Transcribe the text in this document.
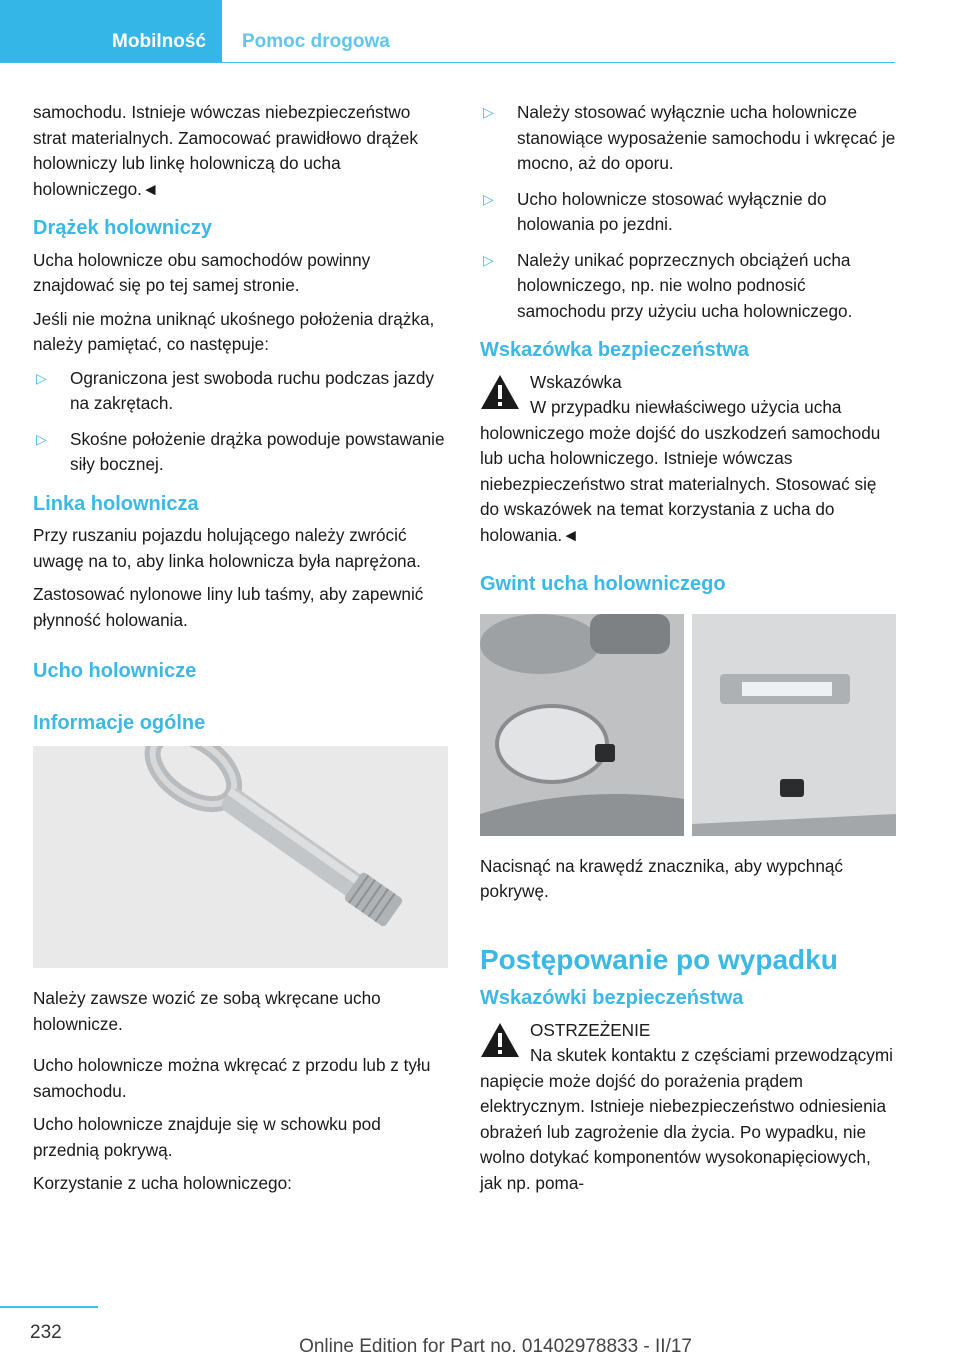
Mobilność Pomoc drogowa

samochodu. Istnieje wówczas niebezpieczeństwo strat materialnych. Zamocować prawidłowo drążek holowniczy lub linkę holowniczą do ucha holowniczego.◄

Drążek holowniczy

Ucha holownicze obu samochodów powinny znajdować się po tej samej stronie.

Jeśli nie można uniknąć ukośnego położenia drążka, należy pamiętać, co następuje:

▷ Ograniczona jest swoboda ruchu podczas jazdy na zakrętach.
▷ Skośne położenie drążka powoduje powstawanie siły bocznej.
Linka holownicza

Przy ruszaniu pojazdu holującego należy zwrócić uwagę na to, aby linka holownicza była naprężona.

Zastosować nylonowe liny lub taśmy, aby zapewnić płynność holowania.

Ucho holownicze
Informacje ogólne

Należy zawsze wozić ze sobą wkręcane ucho holownicze.

Ucho holownicze można wkręcać z przodu lub z tyłu samochodu.

Ucho holownicze znajduje się w schowku pod przednią pokrywą.

Korzystanie z ucha holowniczego:

▷ Należy stosować wyłącznie ucha holownicze stanowiące wyposażenie samochodu i wkręcać je mocno, aż do oporu.
▷ Ucho holownicze stosować wyłącznie do holowania po jezdni.
▷ Należy unikać poprzecznych obciążeń ucha holowniczego, np. nie wolno podnosić samochodu przy użyciu ucha holowniczego.
Wskazówka bezpieczeństwa
Wskazówka

W przypadku niewłaściwego użycia ucha holowniczego może dojść do uszkodzeń samochodu lub ucha holowniczego. Istnieje wówczas niebezpieczeństwo strat materialnych. Stosować się do wskazówek na temat korzystania z ucha do holowania.◄

Gwint ucha holowniczego

Nacisnąć na krawędź znacznika, aby wypchnąć pokrywę.

Postępowanie po wypadku
Wskazówki bezpieczeństwa
OSTRZEŻENIE

Na skutek kontaktu z częściami przewodzącymi napięcie może dojść do porażenia prądem elektrycznym. Istnieje niebezpieczeństwo odniesienia obrażeń lub zagrożenie dla życia. Po wypadku, nie wolno dotykać komponentów wysokonapięciowych, jak np. poma-

232
Online Edition for Part no. 01402978833 - II/17
